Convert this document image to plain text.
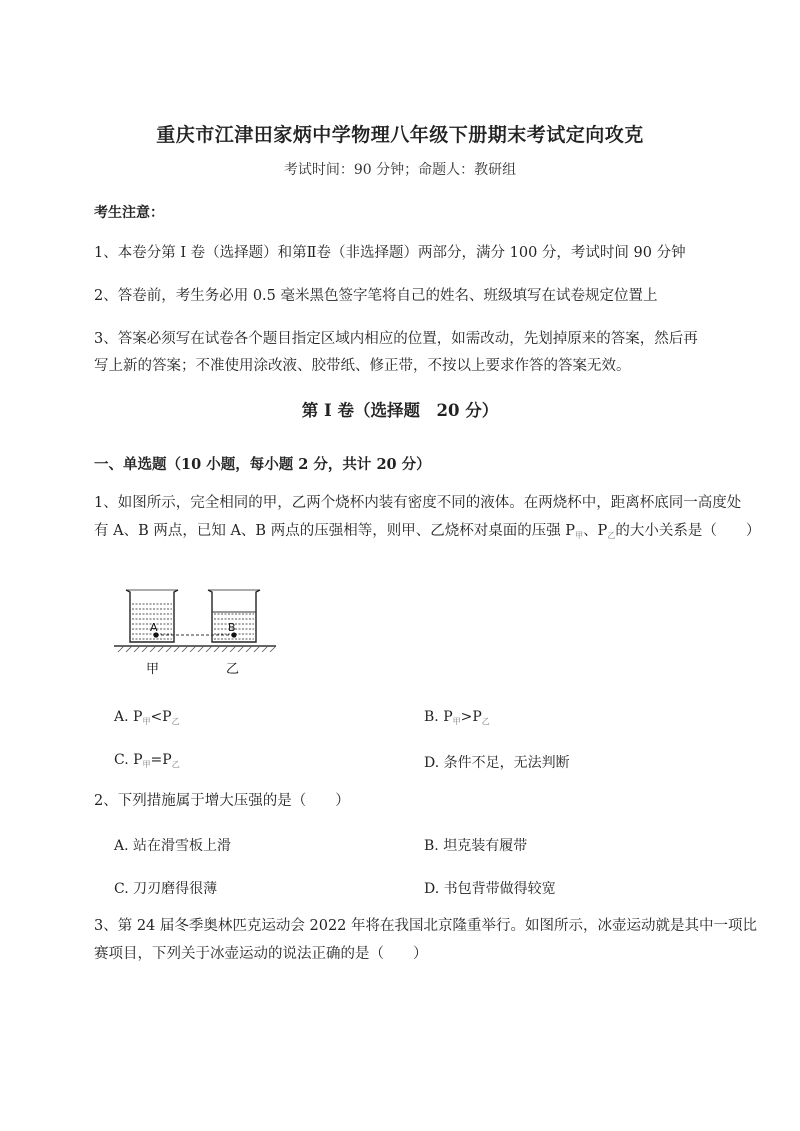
重庆市江津田家炳中学物理八年级下册期末考试定向攻克
考试时间：90 分钟；命题人：教研组
考生注意：
1、本卷分第 I 卷（选择题）和第Ⅱ卷（非选择题）两部分，满分 100 分，考试时间 90 分钟
2、答卷前，考生务必用 0.5 毫米黑色签字笔将自己的姓名、班级填写在试卷规定位置上
3、答案必须写在试卷各个题目指定区域内相应的位置，如需改动，先划掉原来的答案，然后再写上新的答案；不准使用涂改液、胶带纸、修正带，不按以上要求作答的答案无效。
第 I 卷（选择题　20 分）
一、单选题（10 小题，每小题 2 分，共计 20 分）
1、如图所示，完全相同的甲，乙两个烧杯内装有密度不同的液体。在两烧杯中，距离杯底同一高度处
有 A、B 两点，已知 A、B 两点的压强相等，则甲、乙烧杯对桌面的压强 $P_甲$、$P_乙$的大小关系是（　　）
A	B
甲	乙
A. $P_甲<P_乙$	B. $P_甲>P_乙$
C. $P_甲=P_乙$	D. 条件不足，无法判断
2、下列措施属于增大压强的是（　　）
A. 站在滑雪板上滑	B. 坦克装有履带
C. 刀刃磨得很薄	D. 书包背带做得较宽
3、第 24 届冬季奥林匹克运动会 2022 年将在我国北京隆重举行。如图所示，冰壶运动就是其中一项比
赛项目，下列关于冰壶运动的说法正确的是（　　）
